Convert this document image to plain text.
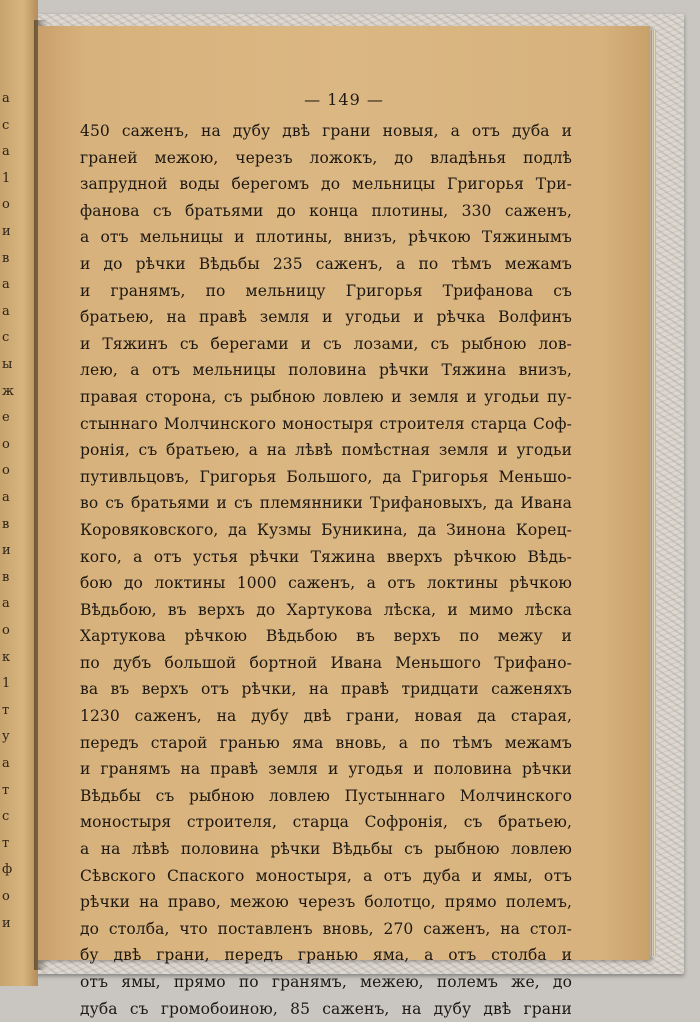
а
с
а
1
о
и
в
а
а
с
ы
ж
е
о
о
а
в
и
в
а
о
к
1
т
у
а
т
с
т
ф
о
и
— 149 —
450 саженъ, на дубу двѣ грани новыя, а отъ дуба и
граней межою, черезъ ложокъ, до владѣнья подлѣ
запрудной воды берегомъ до мельницы Григорья Три-
фанова съ братьями до конца плотины, 330 саженъ,
а отъ мельницы и плотины, внизъ, рѣчкою Тяжинымъ
и до рѣчки Вѣдьбы 235 саженъ, а по тѣмъ межамъ
и гранямъ, по мельницу Григорья Трифанова съ
братьею, на правѣ земля и угодьи и рѣчка Волфинъ
и Тяжинъ съ берегами и съ лозами, съ рыбною лов-
лею, а отъ мельницы половина рѣчки Тяжина внизъ,
правая сторона, съ рыбною ловлею и земля и угодьи пу-
стыннаго Молчинского моностыря строителя старца Соф-
ронія, съ братьею, а на лѣвѣ помѣстная земля и угодьи
путивльцовъ, Григорья Большого, да Григорья Меньшо-
во съ братьями и съ племянники Трифановыхъ, да Ивана
Коровяковского, да Кузмы Буникина, да Зинона Корец-
кого, а отъ устья рѣчки Тяжина вверхъ рѣчкою Вѣдь-
бою до локтины 1000 саженъ, а отъ локтины рѣчкою
Вѣдьбою, въ верхъ до Хартукова лѣска, и мимо лѣска
Хартукова рѣчкою Вѣдьбою въ верхъ по межу и
по дубъ большой бортной Ивана Меньшого Трифано-
ва въ верхъ отъ рѣчки, на правѣ тридцати саженяхъ
1230 саженъ, на дубу двѣ грани, новая да старая,
передъ старой гранью яма вновь, а по тѣмъ межамъ
и гранямъ на правѣ земля и угодья и половина рѣчки
Вѣдьбы съ рыбною ловлею Пустыннаго Молчинского
моностыря строителя, старца Софронія, съ братьею,
а на лѣвѣ половина рѣчки Вѣдьбы съ рыбною ловлею
Сѣвского Спаского моностыря, а отъ дуба и ямы, отъ
рѣчки на право, межою черезъ болотцо, прямо полемъ,
до столба, что поставленъ вновь, 270 саженъ, на стол-
бу двѣ грани, передъ гранью яма, а отъ столба и
отъ ямы, прямо по гранямъ, межею, полемъ же, до
дуба съ громобоиною, 85 саженъ, на дубу двѣ грани
